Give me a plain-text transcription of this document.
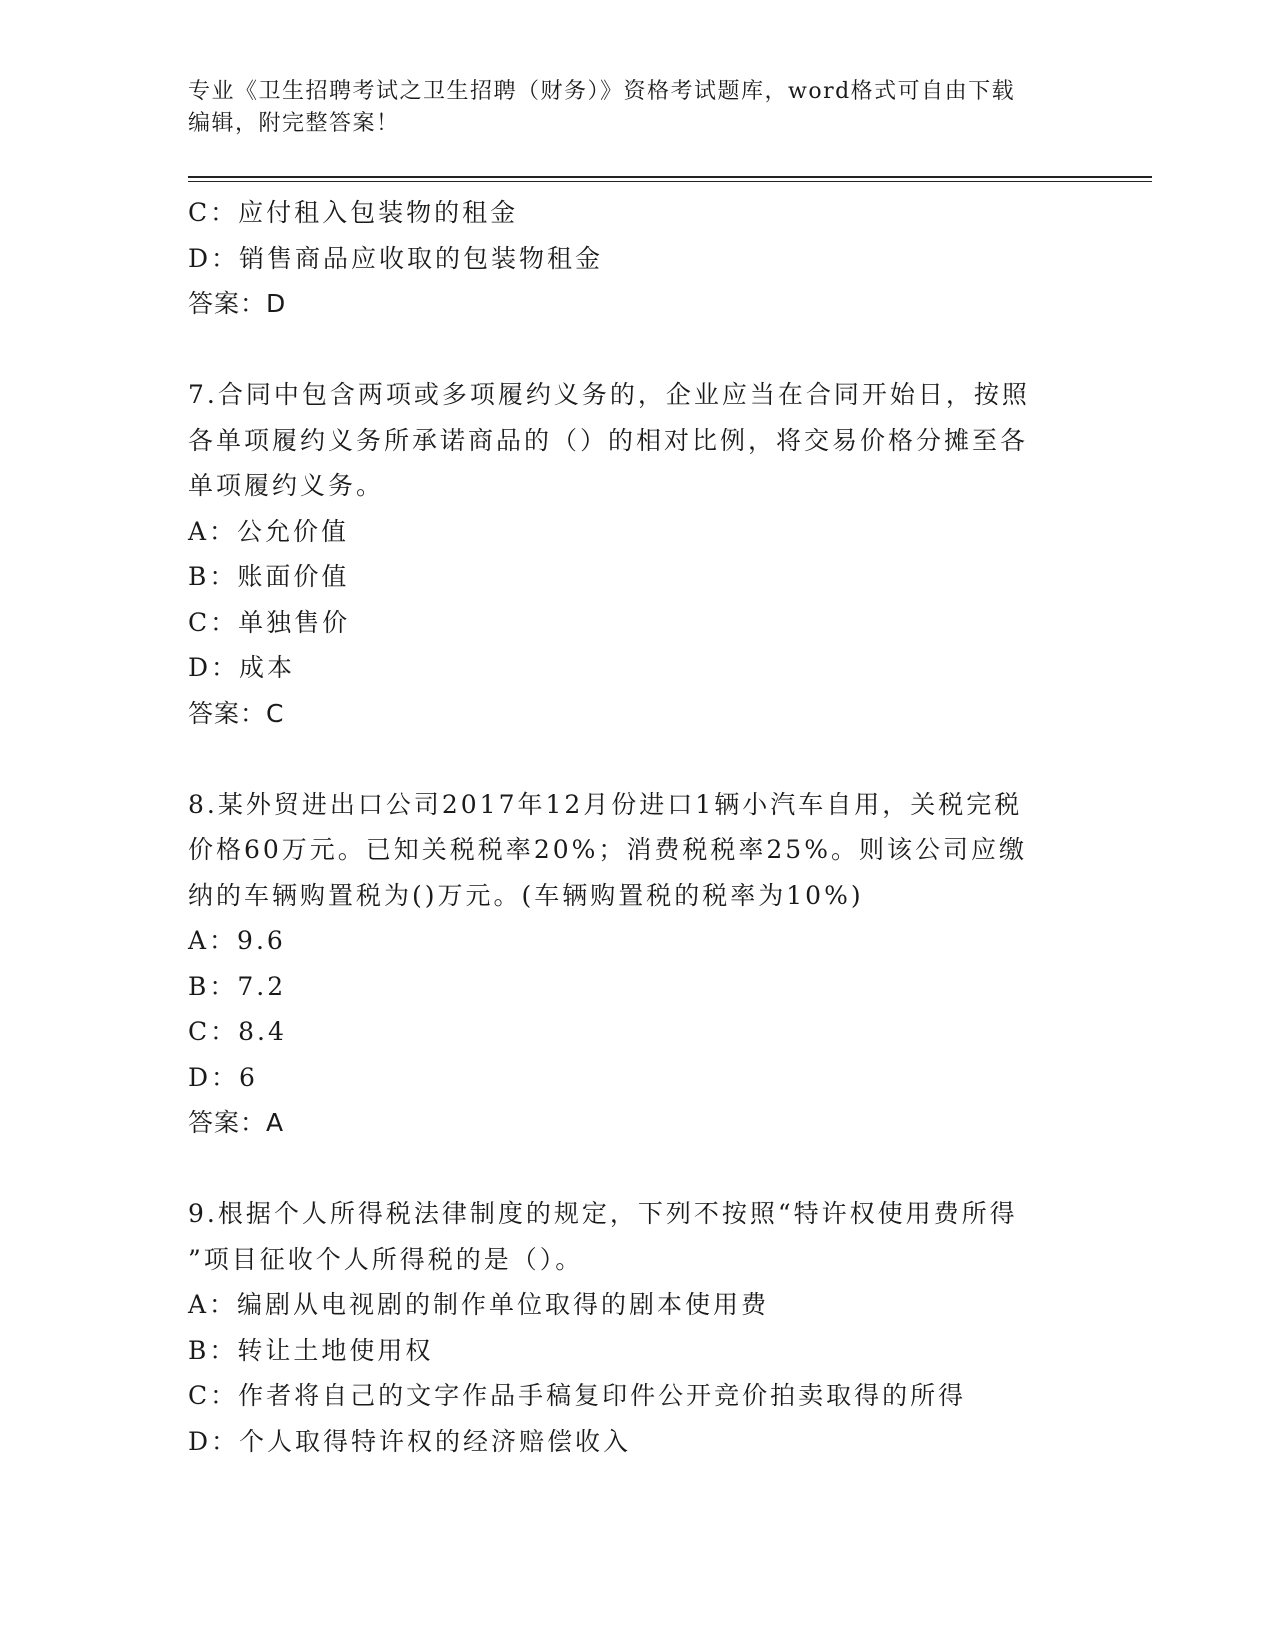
专业《卫生招聘考试之卫生招聘（财务）》资格考试题库，word格式可自由下载
编辑，附完整答案！
C：应付租入包装物的租金
D：销售商品应收取的包装物租金
答案：D
7.合同中包含两项或多项履约义务的，企业应当在合同开始日，按照
各单项履约义务所承诺商品的（）的相对比例，将交易价格分摊至各
单项履约义务。
A：公允价值
B：账面价值
C：单独售价
D：成本
答案：C
8.某外贸进出口公司2017年12月份进口1辆小汽车自用，关税完税
价格60万元。已知关税税率20%；消费税税率25%。则该公司应缴
纳的车辆购置税为()万元。(车辆购置税的税率为10%)
A：9.6
B：7.2
C：8.4
D：6
答案：A
9.根据个人所得税法律制度的规定，下列不按照“特许权使用费所得
”项目征收个人所得税的是（）。
A：编剧从电视剧的制作单位取得的剧本使用费
B：转让土地使用权
C：作者将自己的文字作品手稿复印件公开竞价拍卖取得的所得
D：个人取得特许权的经济赔偿收入
